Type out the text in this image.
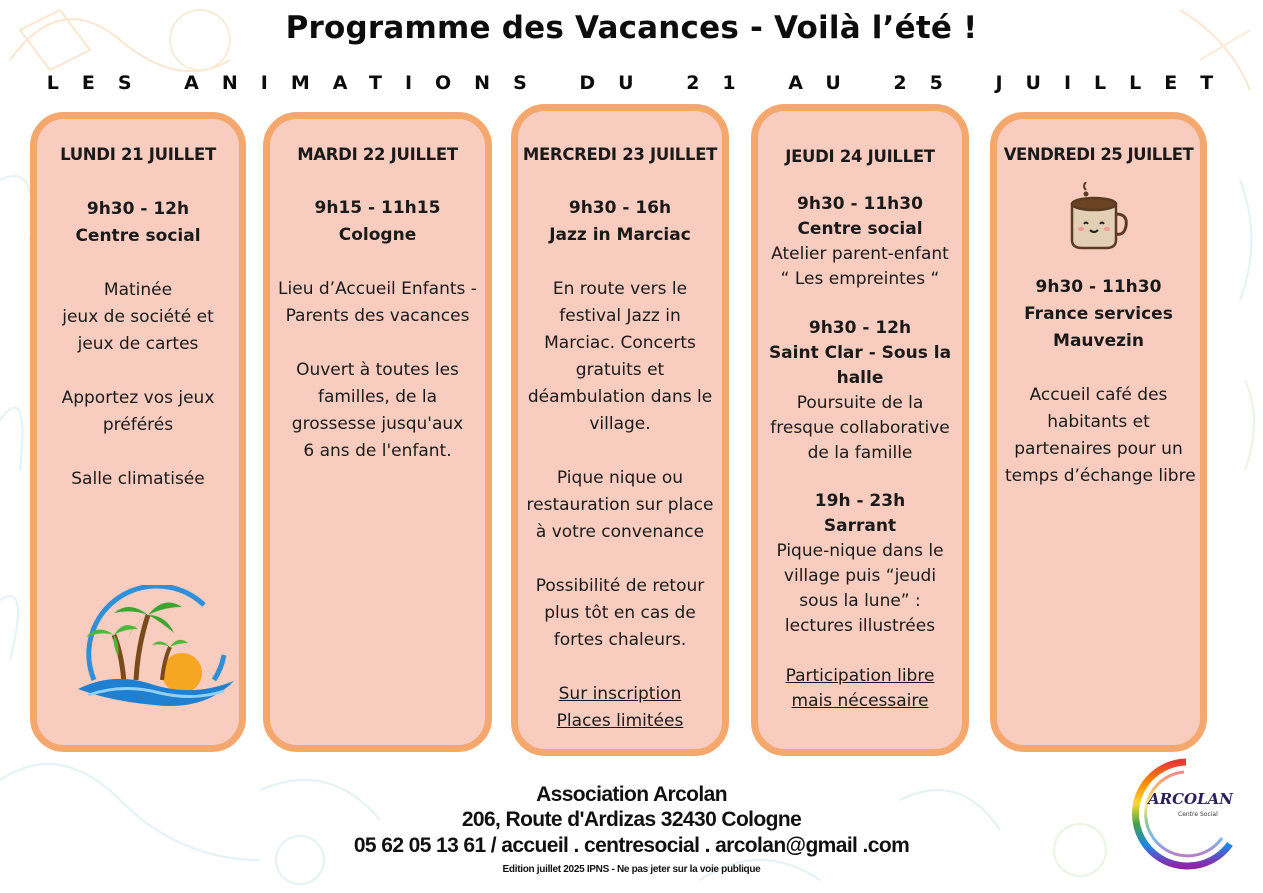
Programme des Vacances - Voilà l’été !
LES ANIMATIONS DU 21 AU 25 JUILLET
LUNDI 21 JUILLET
9h30 - 12h
Centre social
Matinée
jeux de société et
jeux de cartes
Apportez vos jeux
préférés
Salle climatisée
MARDI 22 JUILLET
9h15 - 11h15
Cologne
Lieu d’Accueil Enfants -
Parents des vacances
Ouvert à toutes les
familles, de la
grossesse jusqu'aux
6 ans de l'enfant.
MERCREDI 23 JUILLET
9h30 - 16h
Jazz in Marciac
En route vers le
festival Jazz in
Marciac. Concerts
gratuits et
déambulation dans le
village.
Pique nique ou
restauration sur place
à votre convenance
Possibilité de retour
plus tôt en cas de
fortes chaleurs.
Sur inscription
Places limitées
JEUDI 24 JUILLET
9h30 - 11h30
Centre social
Atelier parent-enfant
“ Les empreintes “
9h30 - 12h
Saint Clar - Sous la
halle
Poursuite de la
fresque collaborative
de la famille
19h - 23h
Sarrant
Pique-nique dans le
village puis “jeudi
sous la lune” :
lectures illustrées
Participation libre
mais nécessaire
VENDREDI 25 JUILLET
9h30 - 11h30
France services
Mauvezin
Accueil café des
habitants et
partenaires pour un
temps d’échange libre
Association Arcolan
206, Route d'Ardizas 32430 Cologne
05 62 05 13 61 / accueil . centresocial . arcolan@gmail .com
Edition juillet 2025 IPNS - Ne pas jeter sur la voie publique
ARCOLAN
Centre Social
